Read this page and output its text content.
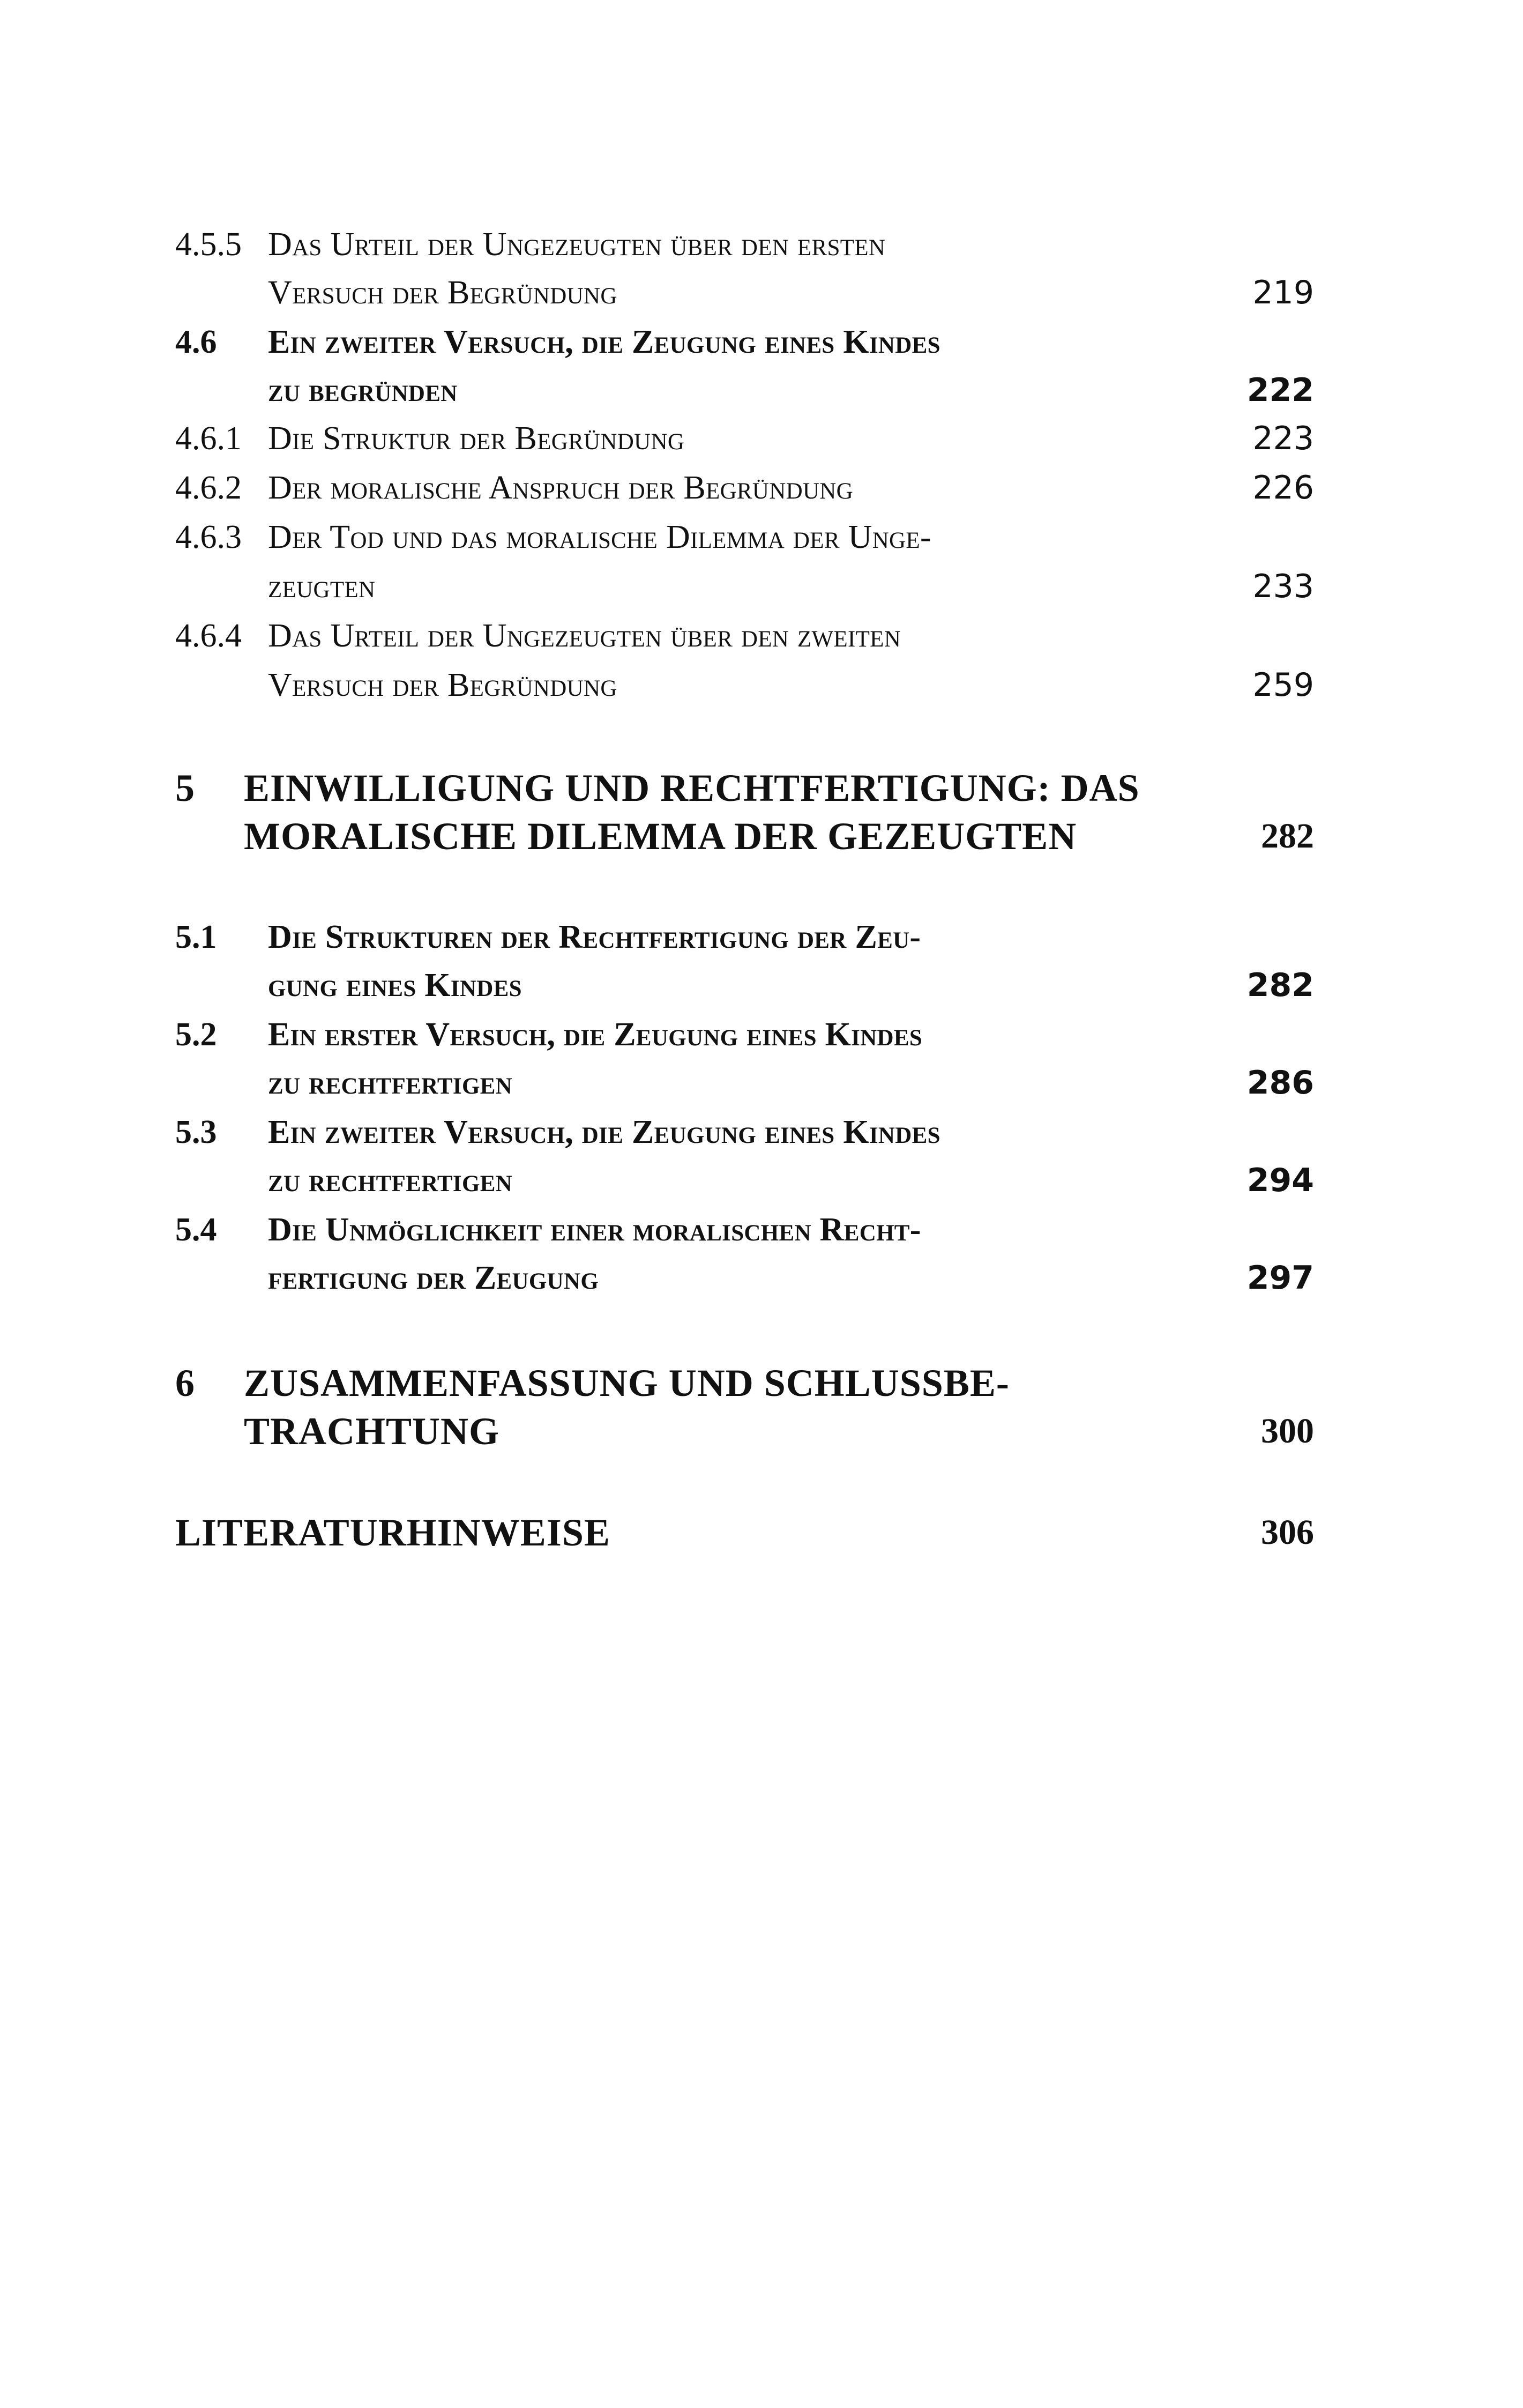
4.5.5 Das Urteil der Ungezeugten über den ersten
Versuch der Begründung	219
4.6 Ein zweiter Versuch, die Zeugung eines Kindes
zu begründen	222
4.6.1 Die Struktur der Begründung	223
4.6.2 Der moralische Anspruch der Begründung	226
4.6.3 Der Tod und das moralische Dilemma der Unge-
zeugten	233
4.6.4 Das Urteil der Ungezeugten über den zweiten
Versuch der Begründung	259
5 EINWILLIGUNG UND RECHTFERTIGUNG: DAS
MORALISCHE DILEMMA DER GEZEUGTEN	282
5.1 Die Strukturen der Rechtfertigung der Zeu-
gung eines Kindes	282
5.2 Ein erster Versuch, die Zeugung eines Kindes
zu rechtfertigen	286
5.3 Ein zweiter Versuch, die Zeugung eines Kindes
zu rechtfertigen	294
5.4 Die Unmöglichkeit einer moralischen Recht-
fertigung der Zeugung	297
6 ZUSAMMENFASSUNG UND SCHLUSSBE-
TRACHTUNG	300
LITERATURHINWEISE	306
